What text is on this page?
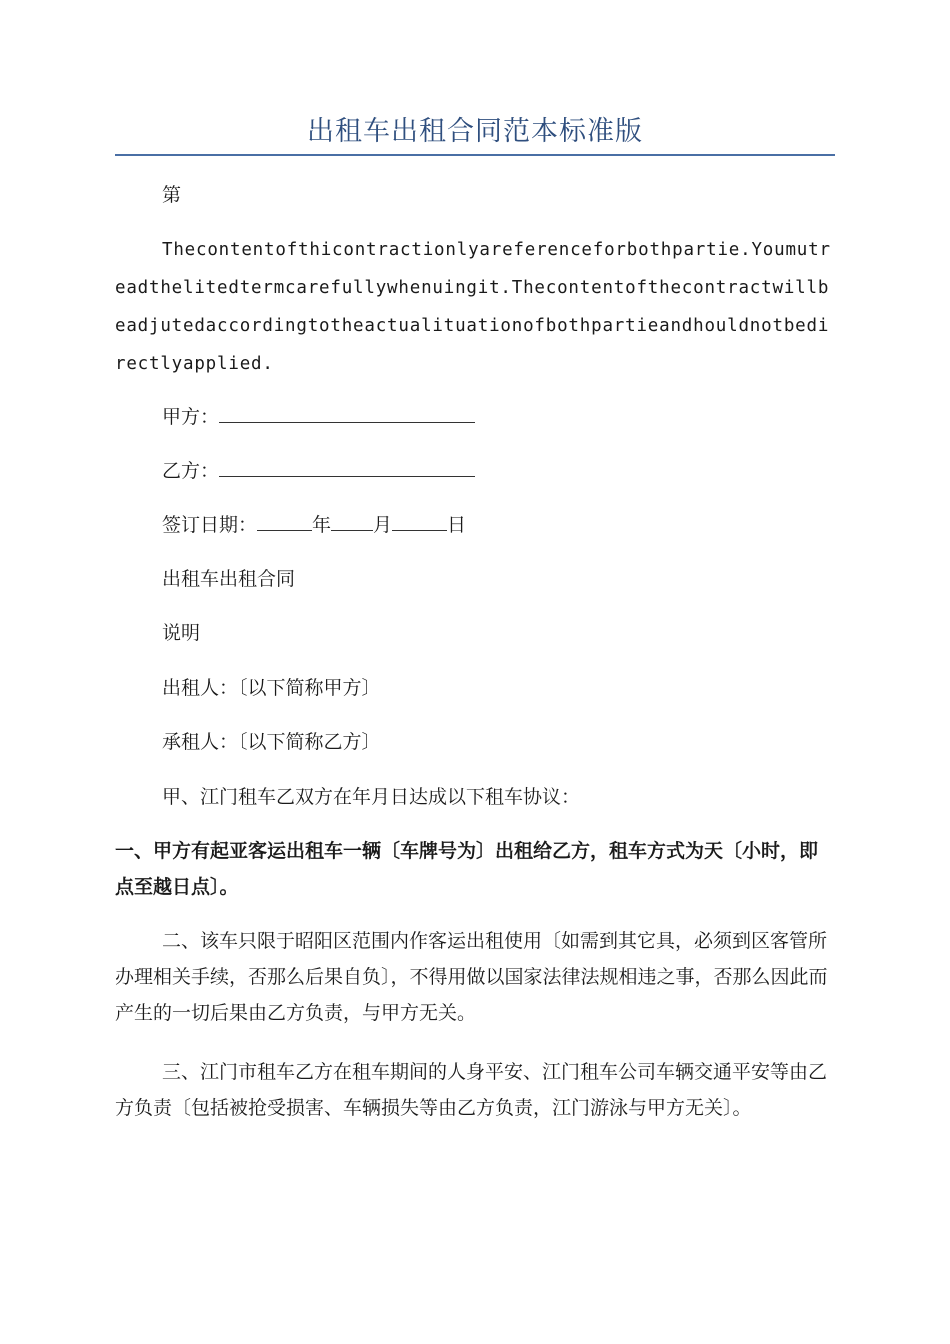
出租车出租合同范本标准版

第

Thecontentofthicontractionlyareferenceforbothpartie.Youmutreadthelitedtermcarefullywhenuingit.Thecontentofthecontractwillbeadjutedaccordingtotheactualituationofbothpartieandhouldnotbedirectlyapplied.

甲方：

乙方：

签订日期：	年 月	日

出租车出租合同

说明

出租人：〔以下简称甲方〕

承租人：〔以下简称乙方〕

甲、江门租车乙双方在年月日达成以下租车协议：

一、甲方有起亚客运出租车一辆〔车牌号为〕出租给乙方，租车方式为天〔小时，即点至越日点〕。

二、该车只限于昭阳区范围内作客运出租使用〔如需到其它具，必须到区客管所办理相关手续，否那么后果自负〕，不得用做以国家法律法规相违之事，否那么因此而产生的一切后果由乙方负责，与甲方无关。

三、江门市租车乙方在租车期间的人身平安、江门租车公司车辆交通平安等由乙方负责〔包括被抢受损害、车辆损失等由乙方负责，江门游泳与甲方无关〕。
